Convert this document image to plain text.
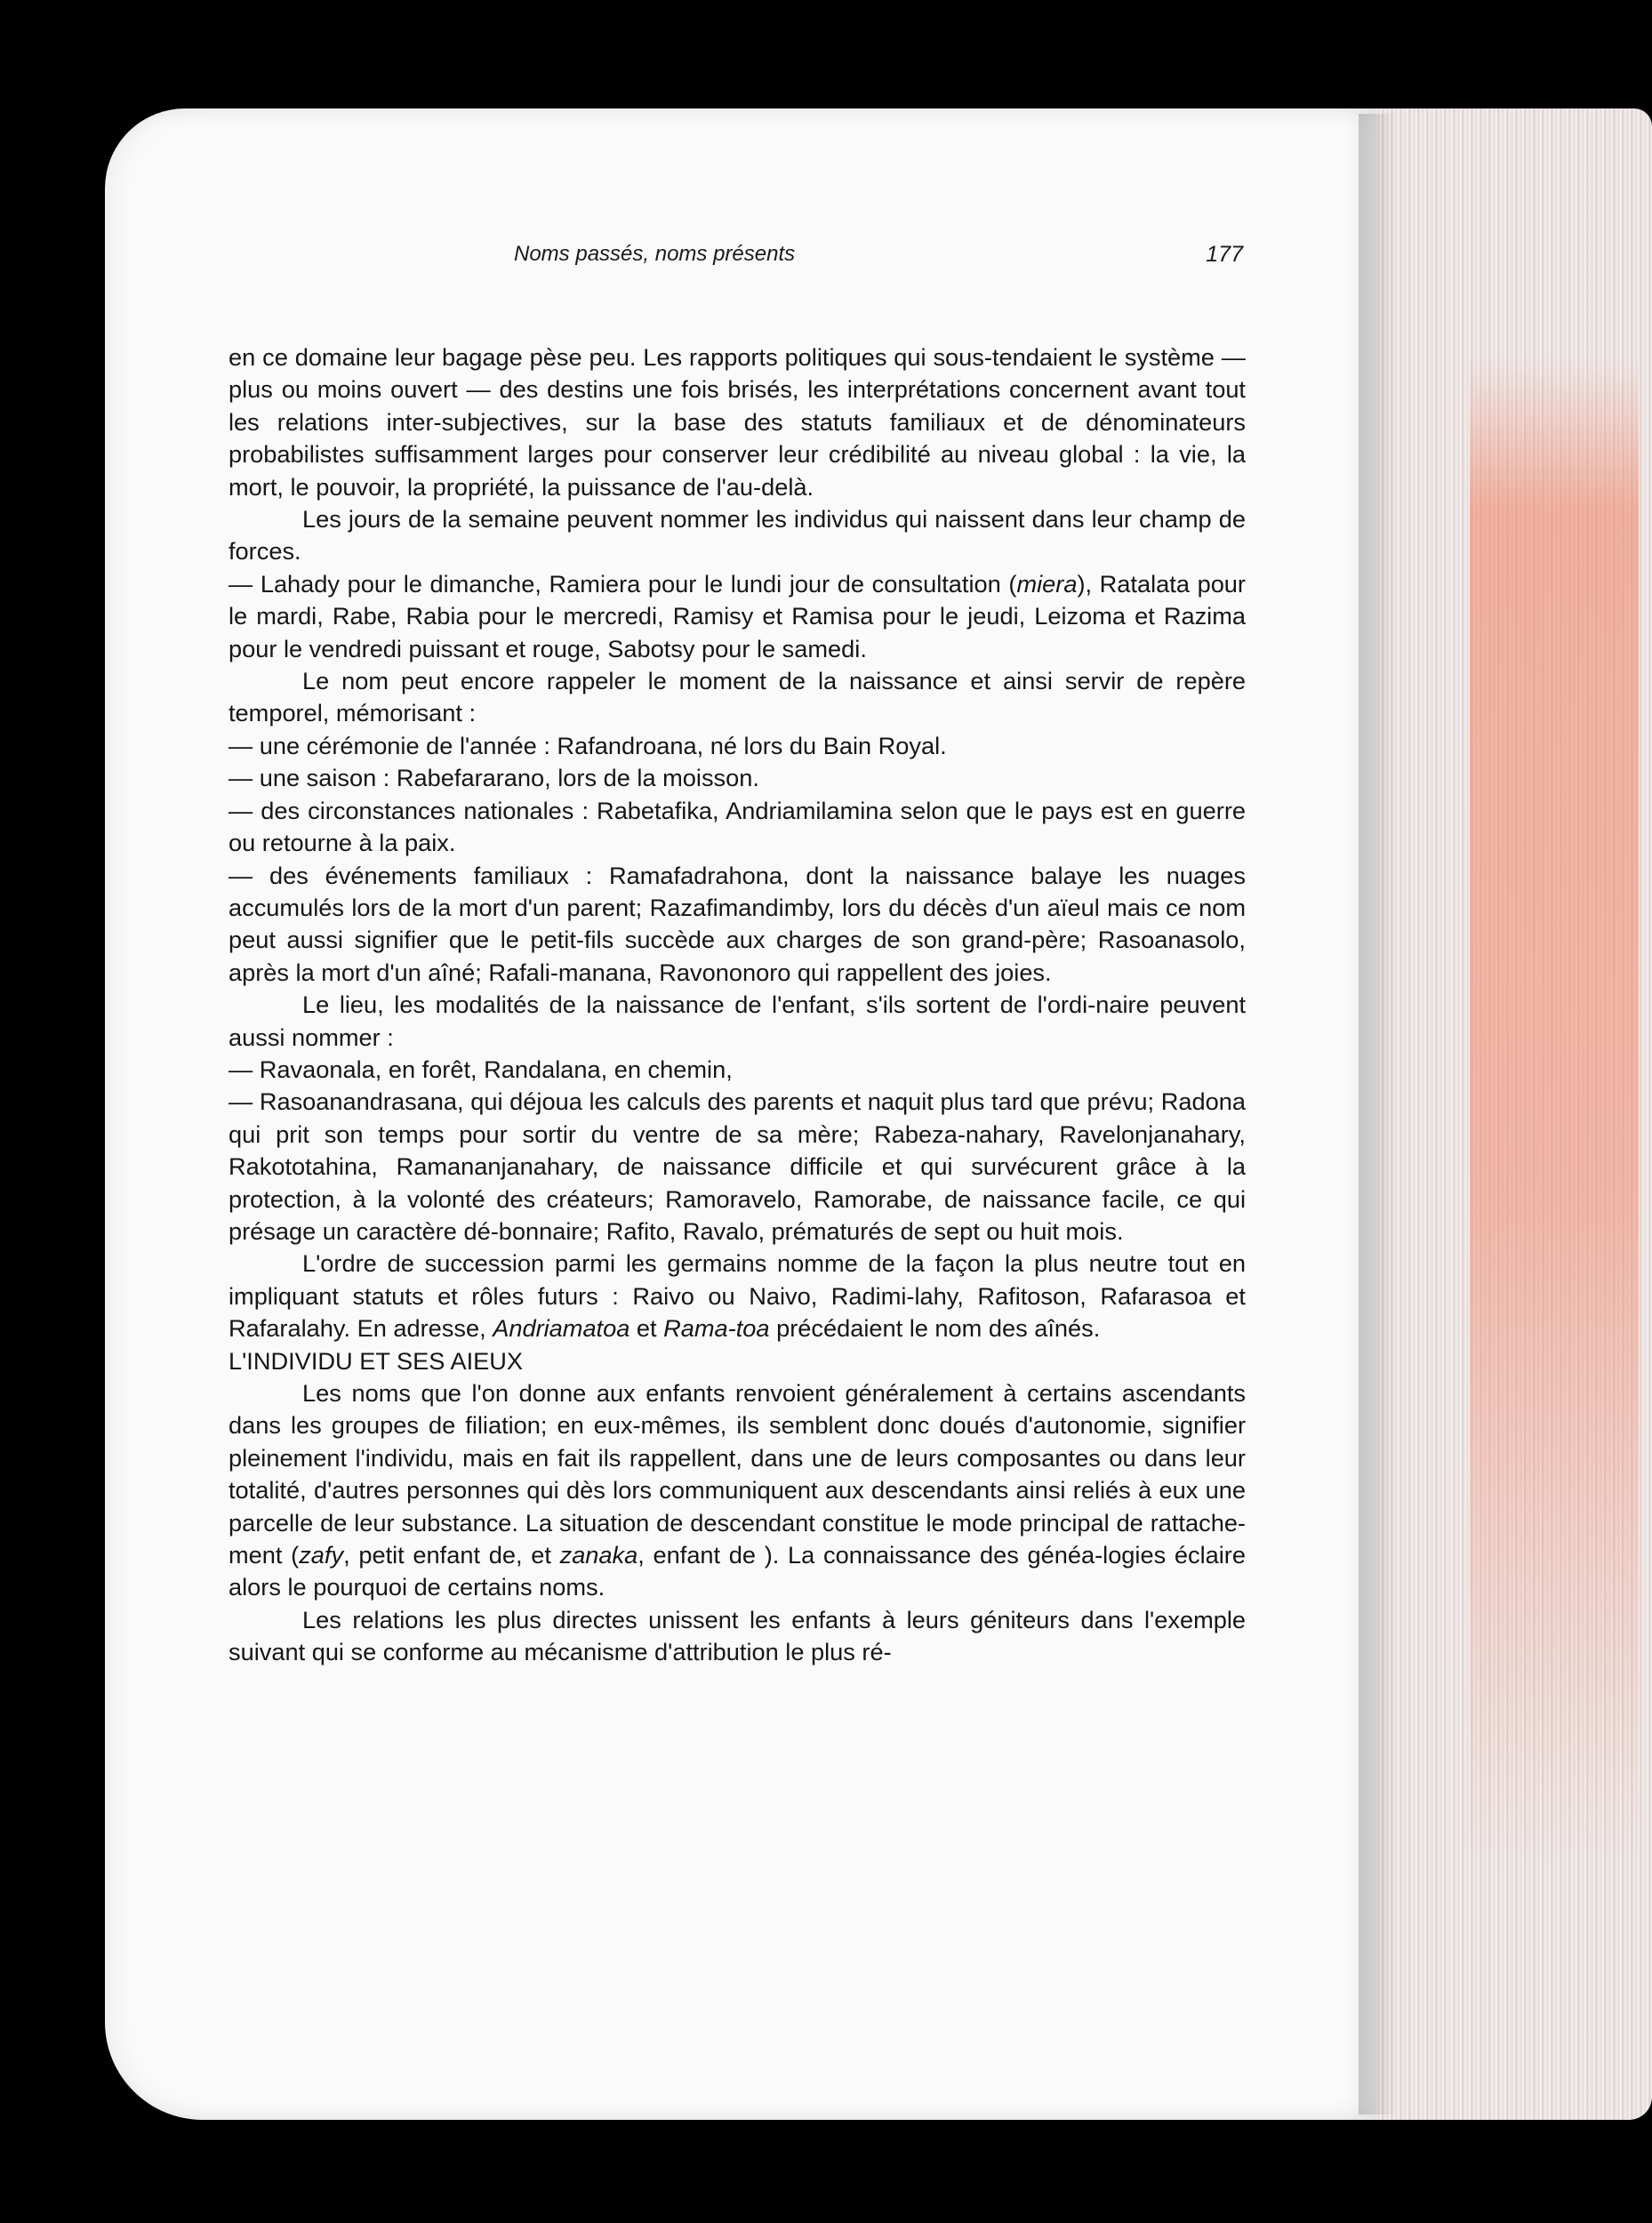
Noms passés, noms présents	177

en ce domaine leur bagage pèse peu. Les rapports politiques qui sous-tendaient le système — plus ou moins ouvert — des destins une fois brisés, les interprétations concernent avant tout les relations inter-subjectives, sur la base des statuts familiaux et de dénominateurs probabilistes suffisamment larges pour conserver leur crédibilité au niveau global : la vie, la mort, le pouvoir, la propriété, la puissance de l'au-delà.

Les jours de la semaine peuvent nommer les individus qui naissent dans leur champ de forces.

— Lahady pour le dimanche, Ramiera pour le lundi jour de consultation (miera), Ratalata pour le mardi, Rabe, Rabia pour le mercredi, Ramisy et Ramisa pour le jeudi, Leizoma et Razima pour le vendredi puissant et rouge, Sabotsy pour le samedi.

Le nom peut encore rappeler le moment de la naissance et ainsi servir de repère temporel, mémorisant :

— une cérémonie de l'année : Rafandroana, né lors du Bain Royal.

— une saison : Rabefararano, lors de la moisson.

— des circonstances nationales : Rabetafika, Andriamilamina selon que le pays est en guerre ou retourne à la paix.

— des événements familiaux : Ramafadrahona, dont la naissance balaye les nuages accumulés lors de la mort d'un parent; Razafimandimby, lors du décès d'un aïeul mais ce nom peut aussi signifier que le petit-fils succède aux charges de son grand-père; Rasoanasolo, après la mort d'un aîné; Rafali-manana, Ravononoro qui rappellent des joies.

Le lieu, les modalités de la naissance de l'enfant, s'ils sortent de l'ordi-naire peuvent aussi nommer :

— Ravaonala, en forêt, Randalana, en chemin,

— Rasoanandrasana, qui déjoua les calculs des parents et naquit plus tard que prévu; Radona qui prit son temps pour sortir du ventre de sa mère; Rabeza-nahary, Ravelonjanahary, Rakototahina, Ramananjanahary, de naissance difficile et qui survécurent grâce à la protection, à la volonté des créateurs; Ramoravelo, Ramorabe, de naissance facile, ce qui présage un caractère dé-bonnaire; Rafito, Ravalo, prématurés de sept ou huit mois.

L'ordre de succession parmi les germains nomme de la façon la plus neutre tout en impliquant statuts et rôles futurs : Raivo ou Naivo, Radimi-lahy, Rafitoson, Rafarasoa et Rafaralahy. En adresse, Andriamatoa et Rama-toa précédaient le nom des aînés.

L'INDIVIDU ET SES AIEUX

Les noms que l'on donne aux enfants renvoient généralement à certains ascendants dans les groupes de filiation; en eux-mêmes, ils semblent donc doués d'autonomie, signifier pleinement l'individu, mais en fait ils rappellent, dans une de leurs composantes ou dans leur totalité, d'autres personnes qui dès lors communiquent aux descendants ainsi reliés à eux une parcelle de leur substance. La situation de descendant constitue le mode principal de rattache-ment (zafy, petit enfant de, et zanaka, enfant de ). La connaissance des généa-logies éclaire alors le pourquoi de certains noms.

Les relations les plus directes unissent les enfants à leurs géniteurs dans l'exemple suivant qui se conforme au mécanisme d'attribution le plus ré-
